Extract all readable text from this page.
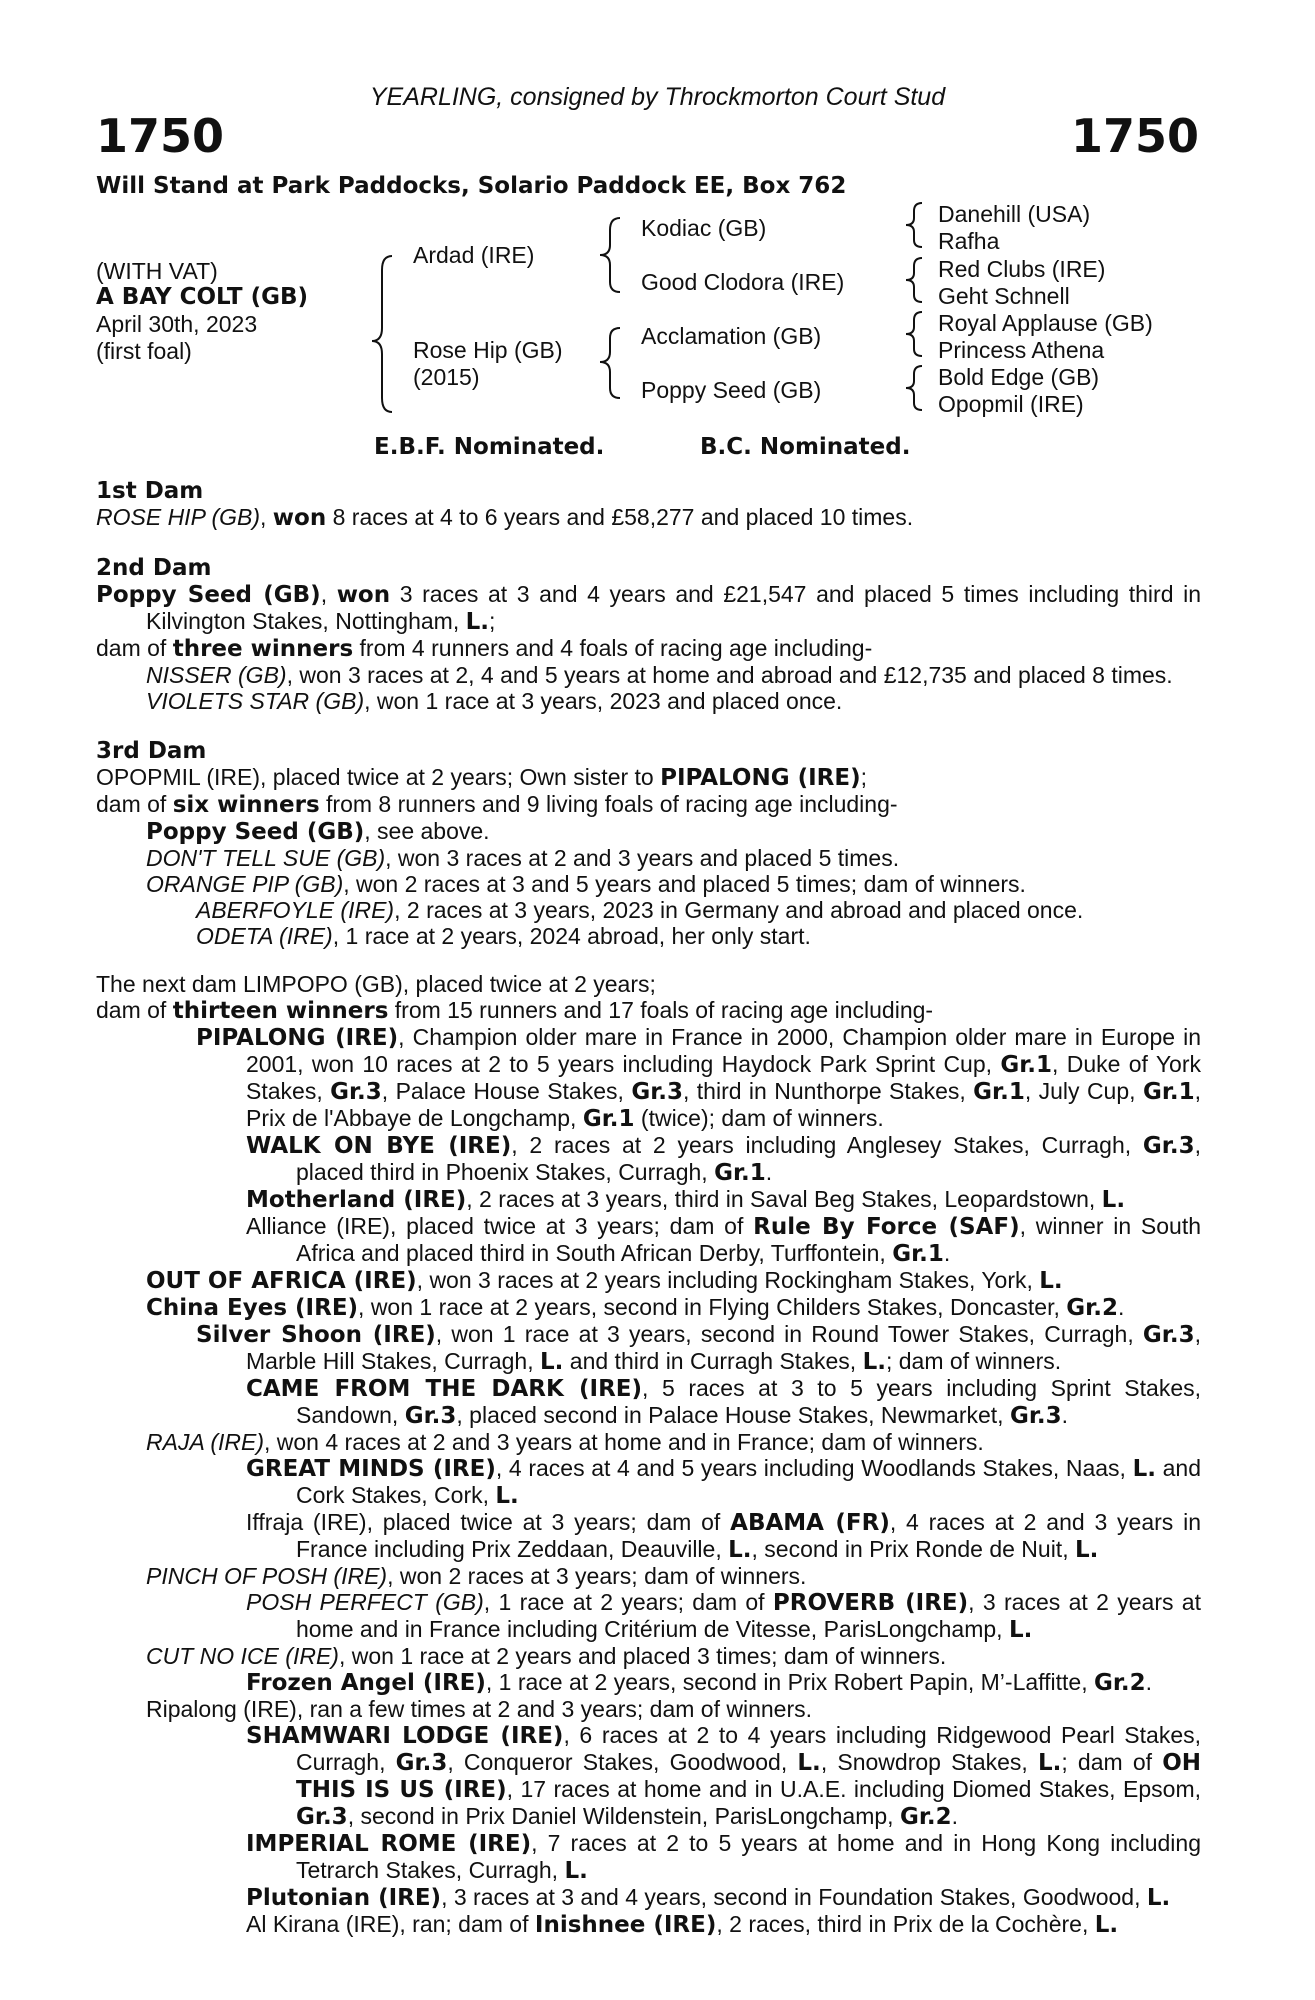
YEARLING, consigned by Throckmorton Court Stud
1750	1750
Will Stand at Park Paddocks, Solario Paddock EE, Box 762
(WITH VAT)
A BAY COLT (GB)
April 30th, 2023
(first foal)
Ardad (IRE)
Rose Hip (GB)
(2015)
Kodiac (GB)
Good Clodora (IRE)
Acclamation (GB)
Poppy Seed (GB)
Danehill (USA)
Rafha
Red Clubs (IRE)
Geht Schnell
Royal Applause (GB)
Princess Athena
Bold Edge (GB)
Opopmil (IRE)
E.B.F. Nominated.	B.C. Nominated.
1st Dam

ROSE HIP (GB), won 8 races at 4 to 6 years and £58,277 and placed 10 times.

2nd Dam

Poppy Seed (GB), won 3 races at 3 and 4 years and £21,547 and placed 5 times including third in Kilvington Stakes, Nottingham, L.;

dam of three winners from 4 runners and 4 foals of racing age including-

NISSER (GB), won 3 races at 2, 4 and 5 years at home and abroad and £12,735 and placed 8 times.

VIOLETS STAR (GB), won 1 race at 3 years, 2023 and placed once.

3rd Dam

OPOPMIL (IRE), placed twice at 2 years; Own sister to PIPALONG (IRE);

dam of six winners from 8 runners and 9 living foals of racing age including-

Poppy Seed (GB), see above.

DON'T TELL SUE (GB), won 3 races at 2 and 3 years and placed 5 times.

ORANGE PIP (GB), won 2 races at 3 and 5 years and placed 5 times; dam of winners.

ABERFOYLE (IRE), 2 races at 3 years, 2023 in Germany and abroad and placed once.

ODETA (IRE), 1 race at 2 years, 2024 abroad, her only start.

The next dam LIMPOPO (GB), placed twice at 2 years;

dam of thirteen winners from 15 runners and 17 foals of racing age including-

PIPALONG (IRE), Champion older mare in France in 2000, Champion older mare in Europe in 2001, won 10 races at 2 to 5 years including Haydock Park Sprint Cup, Gr.1, Duke of York Stakes, Gr.3, Palace House Stakes, Gr.3, third in Nunthorpe Stakes, Gr.1, July Cup, Gr.1, Prix de l'Abbaye de Longchamp, Gr.1 (twice); dam of winners.

WALK ON BYE (IRE), 2 races at 2 years including Anglesey Stakes, Curragh, Gr.3, placed third in Phoenix Stakes, Curragh, Gr.1.

Motherland (IRE), 2 races at 3 years, third in Saval Beg Stakes, Leopardstown, L.

Alliance (IRE), placed twice at 3 years; dam of Rule By Force (SAF), winner in South Africa and placed third in South African Derby, Turffontein, Gr.1.

OUT OF AFRICA (IRE), won 3 races at 2 years including Rockingham Stakes, York, L.

China Eyes (IRE), won 1 race at 2 years, second in Flying Childers Stakes, Doncaster, Gr.2.

Silver Shoon (IRE), won 1 race at 3 years, second in Round Tower Stakes, Curragh, Gr.3, Marble Hill Stakes, Curragh, L. and third in Curragh Stakes, L.; dam of winners.

CAME FROM THE DARK (IRE), 5 races at 3 to 5 years including Sprint Stakes, Sandown, Gr.3, placed second in Palace House Stakes, Newmarket, Gr.3.

RAJA (IRE), won 4 races at 2 and 3 years at home and in France; dam of winners.

GREAT MINDS (IRE), 4 races at 4 and 5 years including Woodlands Stakes, Naas, L. and Cork Stakes, Cork, L.

Iffraja (IRE), placed twice at 3 years; dam of ABAMA (FR), 4 races at 2 and 3 years in France including Prix Zeddaan, Deauville, L., second in Prix Ronde de Nuit, L.

PINCH OF POSH (IRE), won 2 races at 3 years; dam of winners.

POSH PERFECT (GB), 1 race at 2 years; dam of PROVERB (IRE), 3 races at 2 years at home and in France including Critérium de Vitesse, ParisLongchamp, L.

CUT NO ICE (IRE), won 1 race at 2 years and placed 3 times; dam of winners.

Frozen Angel (IRE), 1 race at 2 years, second in Prix Robert Papin, M’-Laffitte, Gr.2.

Ripalong (IRE), ran a few times at 2 and 3 years; dam of winners.

SHAMWARI LODGE (IRE), 6 races at 2 to 4 years including Ridgewood Pearl Stakes, Curragh, Gr.3, Conqueror Stakes, Goodwood, L., Snowdrop Stakes, L.; dam of OH THIS IS US (IRE), 17 races at home and in U.A.E. including Diomed Stakes, Epsom, Gr.3, second in Prix Daniel Wildenstein, ParisLongchamp, Gr.2.

IMPERIAL ROME (IRE), 7 races at 2 to 5 years at home and in Hong Kong including Tetrarch Stakes, Curragh, L.

Plutonian (IRE), 3 races at 3 and 4 years, second in Foundation Stakes, Goodwood, L.

Al Kirana (IRE), ran; dam of Inishnee (IRE), 2 races, third in Prix de la Cochère, L.
